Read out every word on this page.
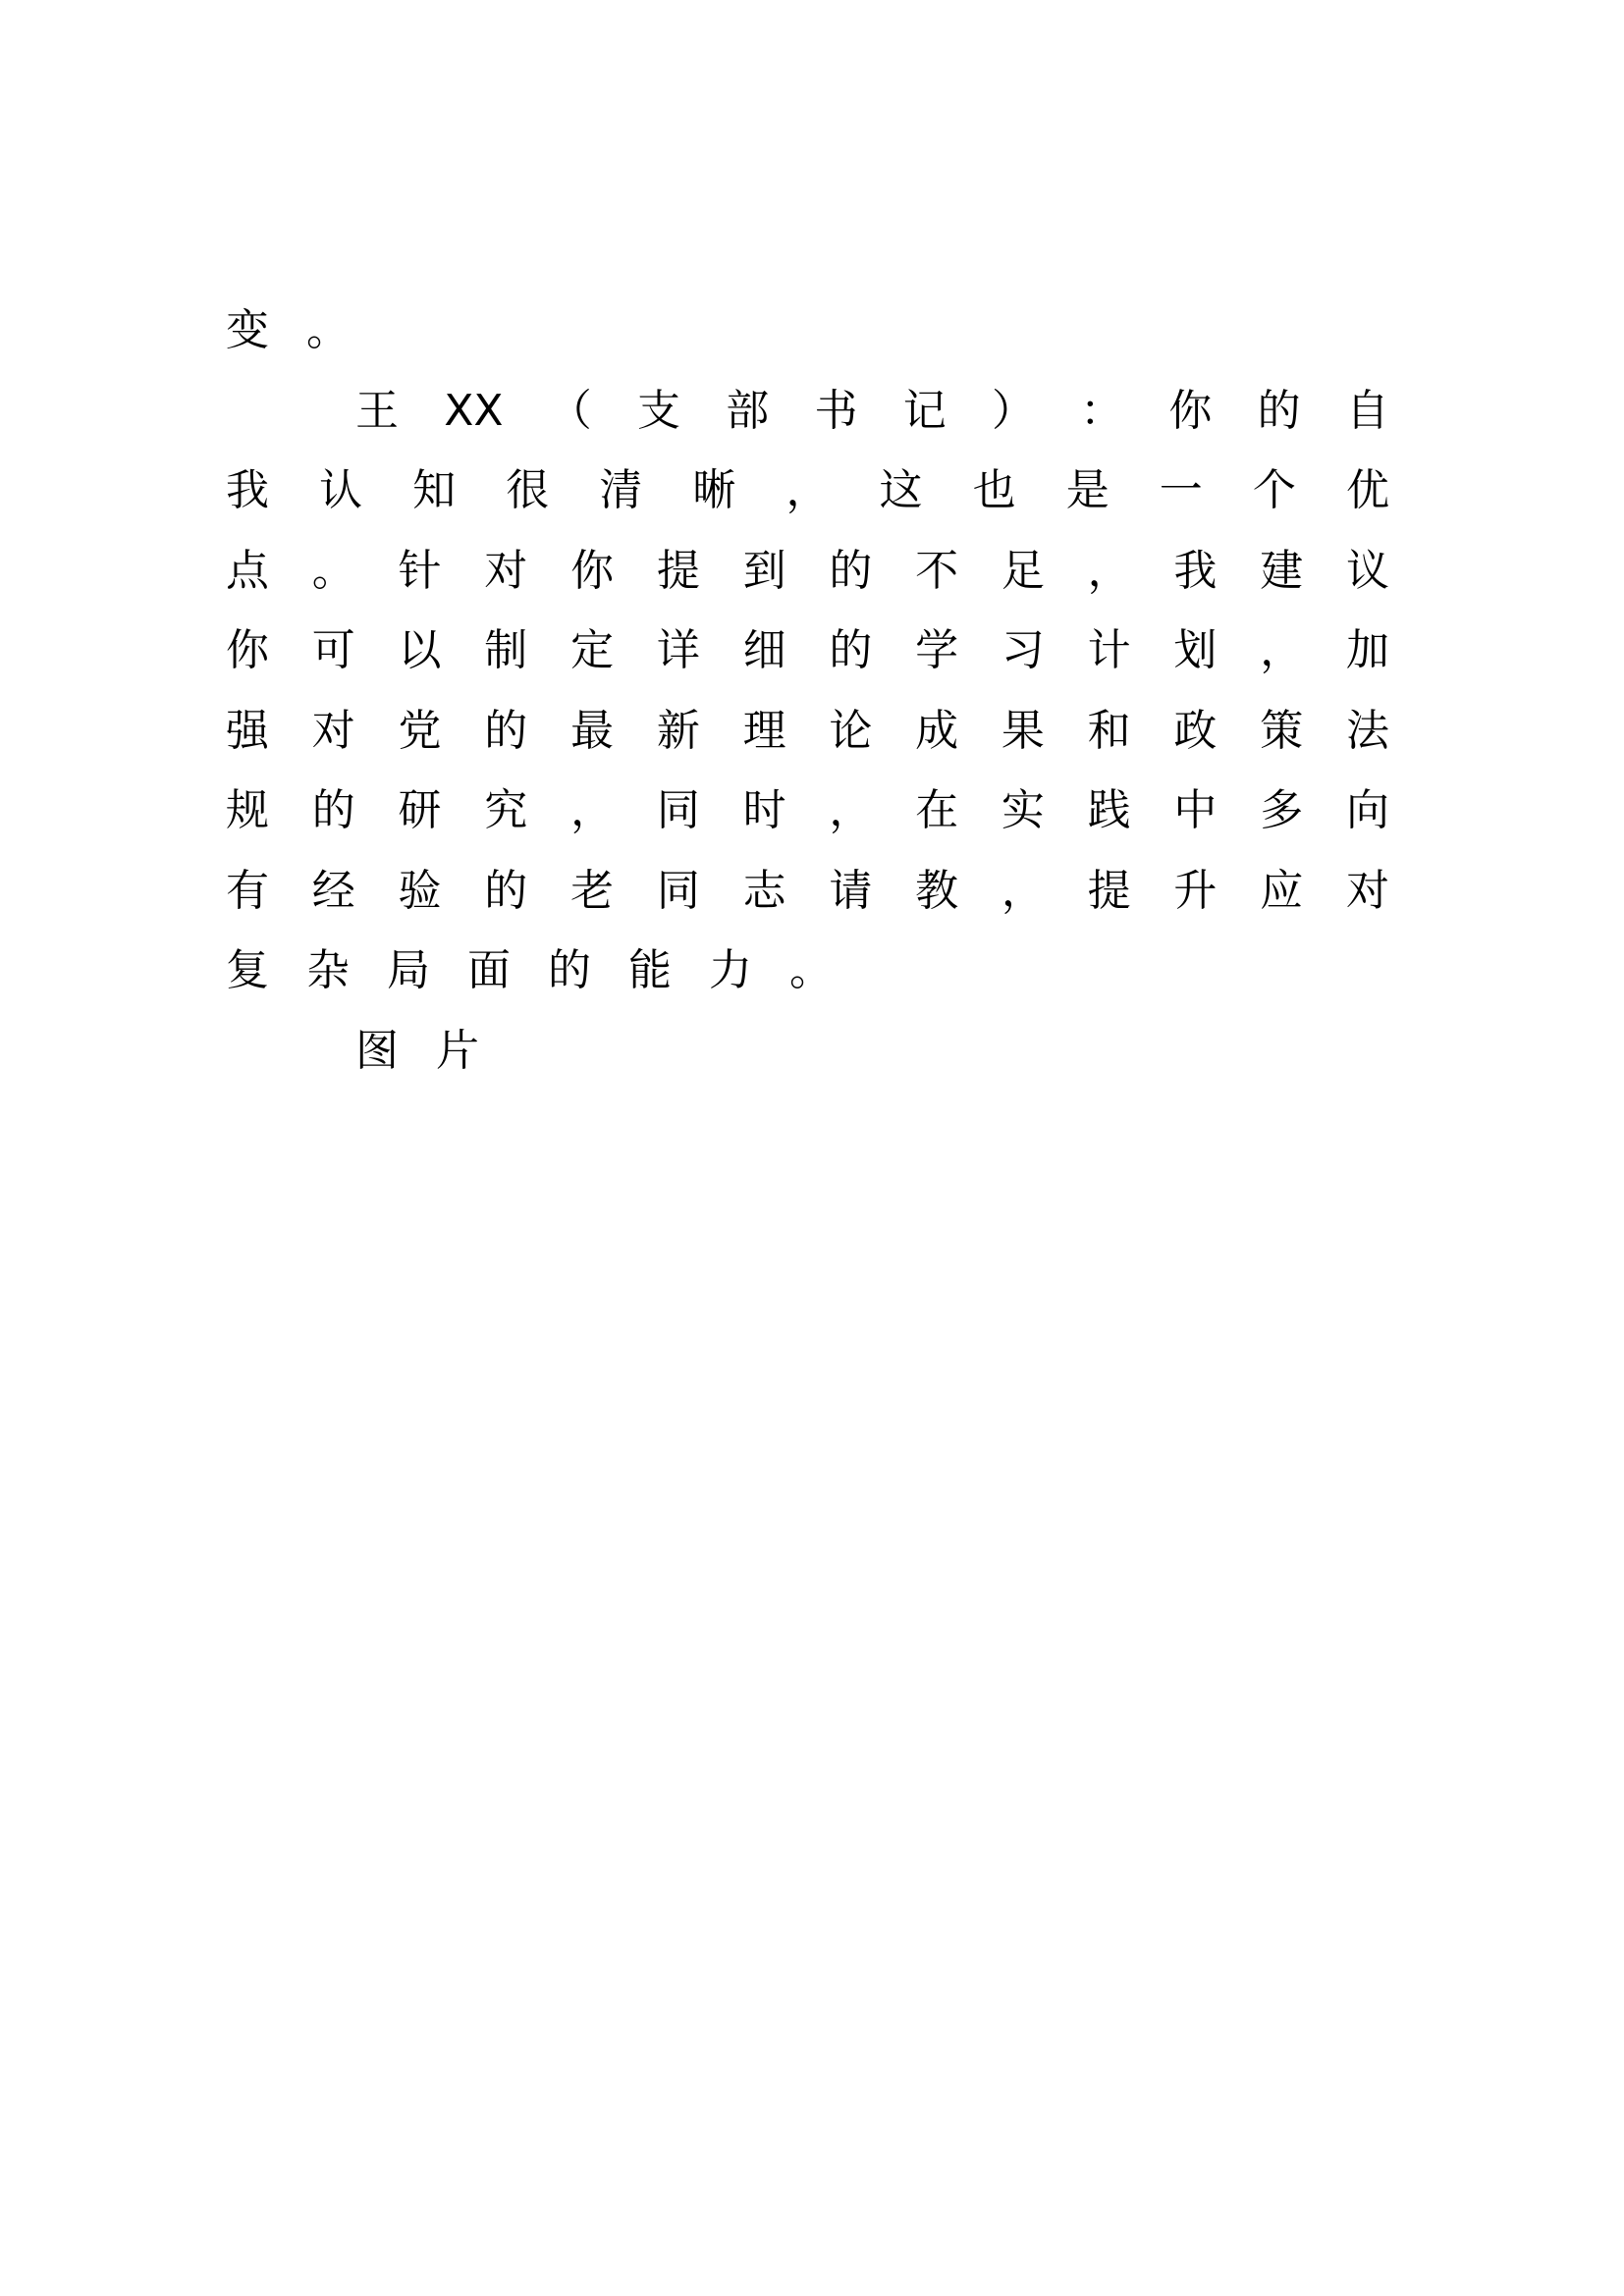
变 。
王 XX （ 支 部 书 记 ） ： 你 的 自
我 认 知 很 清 晰 ， 这 也 是 一 个 优
点 。 针 对 你 提 到 的 不 足 ， 我 建 议
你 可 以 制 定 详 细 的 学 习 计 划 ， 加
强 对 党 的 最 新 理 论 成 果 和 政 策 法
规 的 研 究 ， 同 时 ， 在 实 践 中 多 向
有 经 验 的 老 同 志 请 教 ， 提 升 应 对
复 杂 局 面 的 能 力 。
图 片
